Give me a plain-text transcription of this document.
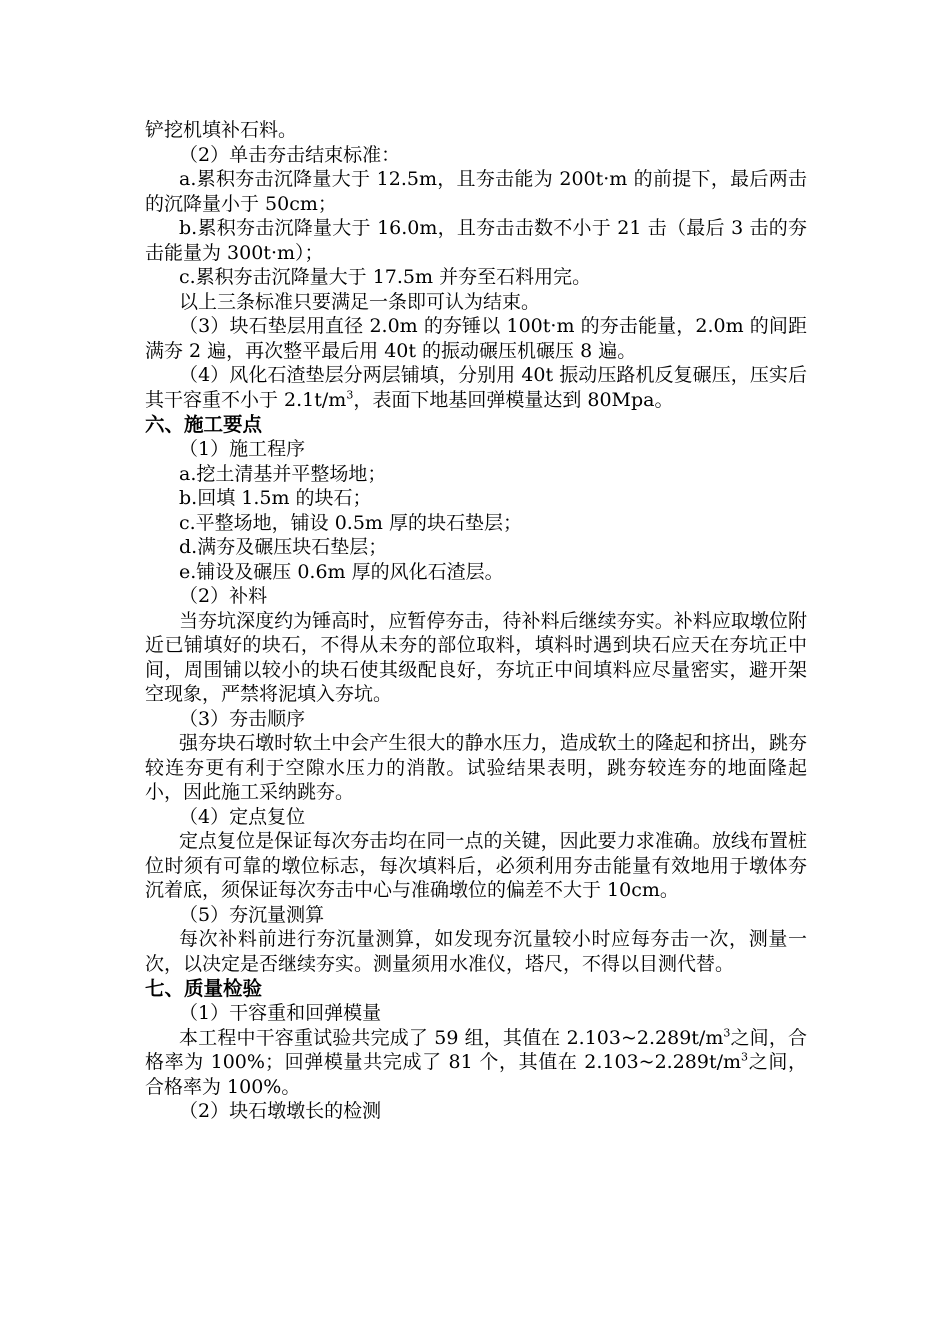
铲挖机填补石料。

（2）单击夯击结束标准：

a.累积夯击沉降量大于 12.5m，且夯击能为 200t·m 的前提下，最后两击的沉降量小于 50cm；

b.累积夯击沉降量大于 16.0m，且夯击击数不小于 21 击（最后 3 击的夯击能量为 300t·m）；

c.累积夯击沉降量大于 17.5m 并夯至石料用完。

以上三条标准只要满足一条即可认为结束。

（3）块石垫层用直径 2.0m 的夯锤以 100t·m 的夯击能量，2.0m 的间距满夯 2 遍，再次整平最后用 40t 的振动碾压机碾压 8 遍。

（4）风化石渣垫层分两层铺填，分别用 40t 振动压路机反复碾压，压实后其干容重不小于 $2.1t/m^3$，表面下地基回弹模量达到 80Mpa。

六、施工要点

（1）施工程序

a.挖土清基并平整场地；

b.回填 1.5m 的块石；

c.平整场地，铺设 0.5m 厚的块石垫层；

d.满夯及碾压块石垫层；

e.铺设及碾压 0.6m 厚的风化石渣层。

（2）补料

当夯坑深度约为锤高时，应暂停夯击，待补料后继续夯实。补料应取墩位附近已铺填好的块石，不得从未夯的部位取料，填料时遇到块石应天在夯坑正中间，周围铺以较小的块石使其级配良好，夯坑正中间填料应尽量密实，避开架空现象，严禁将泥填入夯坑。

（3）夯击顺序

强夯块石墩时软土中会产生很大的静水压力，造成软土的隆起和挤出，跳夯较连夯更有利于空隙水压力的消散。试验结果表明，跳夯较连夯的地面隆起小，因此施工采纳跳夯。

（4）定点复位

定点复位是保证每次夯击均在同一点的关键，因此要力求准确。放线布置桩位时须有可靠的墩位标志，每次填料后，必须利用夯击能量有效地用于墩体夯沉着底，须保证每次夯击中心与准确墩位的偏差不大于 10cm。

（5）夯沉量测算

每次补料前进行夯沉量测算，如发现夯沉量较小时应每夯击一次，测量一次，以决定是否继续夯实。测量须用水准仪，塔尺，不得以目测代替。

七、质量检验

（1）干容重和回弹模量

本工程中干容重试验共完成了 59 组，其值在 $2.103\sim 2.289t/m^3$之间，合格率为 100%；回弹模量共完成了 81 个，其值在 $2.103\sim 2.289t/m^3$之间，合格率为 100%。

（2）块石墩墩长的检测
